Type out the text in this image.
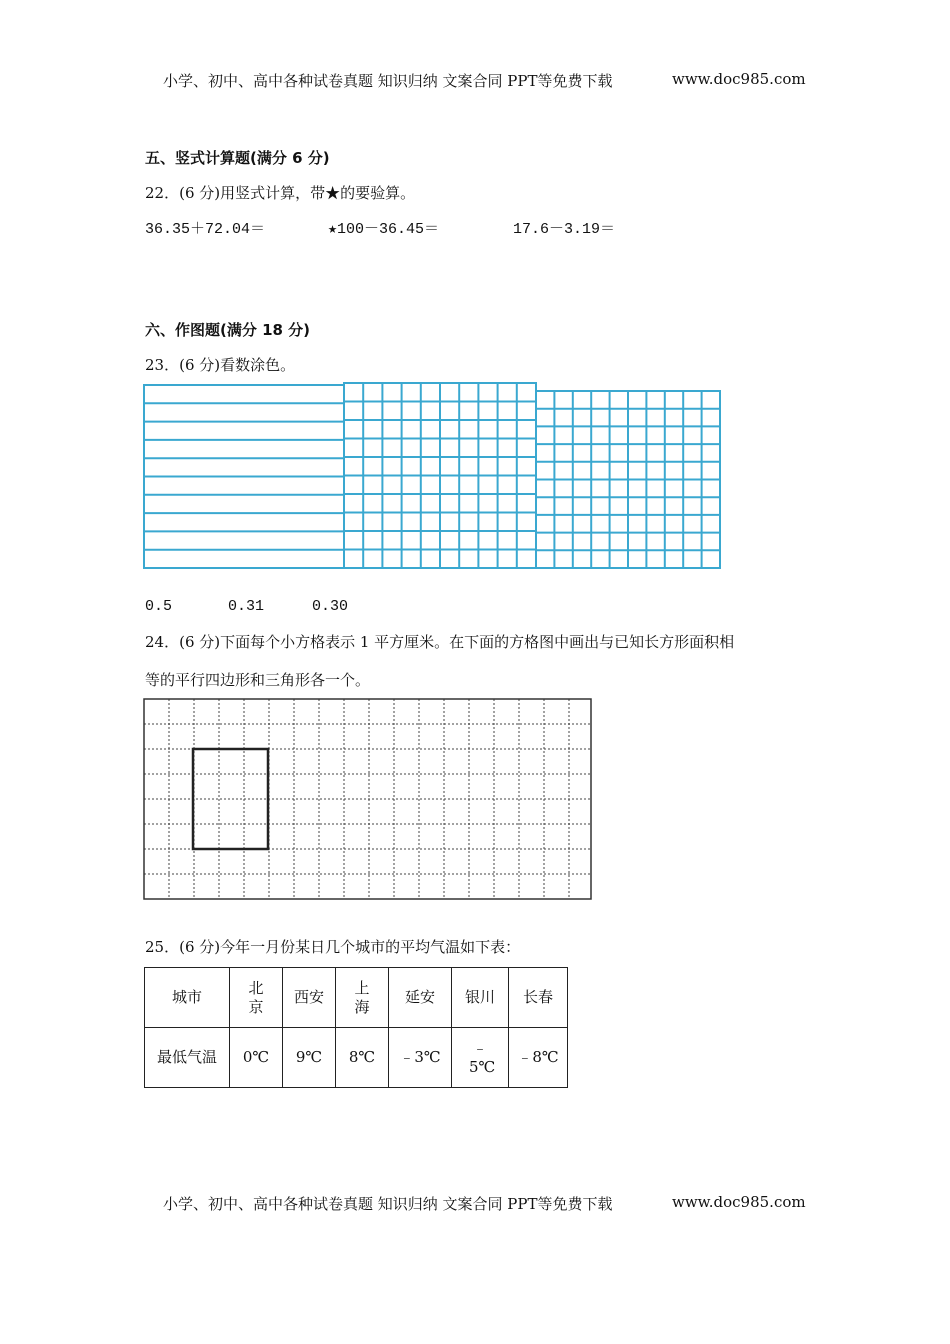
小学、初中、高中各种试卷真题 知识归纳 文案合同 PPT等免费下载	www.doc985.com
五、竖式计算题(满分 6 分)
22．(6 分)用竖式计算，带★的要验算。
36.35＋72.04＝	★100－36.45＝	17.6－3.19＝
六、作图题(满分 18 分)
23．(6 分)看数涂色。
0.5	0.31	0.30
24．(6 分)下面每个小方格表示 1 平方厘米。在下面的方格图中画出与已知长方形面积相
等的平行四边形和三角形各一个。
25．(6 分)今年一月份某日几个城市的平均气温如下表：
城市	北京	西安	上海	延安	银川	长春
最低气温	0℃	9℃	8℃	﹣3℃	﹣5℃	﹣8℃
小学、初中、高中各种试卷真题 知识归纳 文案合同 PPT等免费下载	www.doc985.com
